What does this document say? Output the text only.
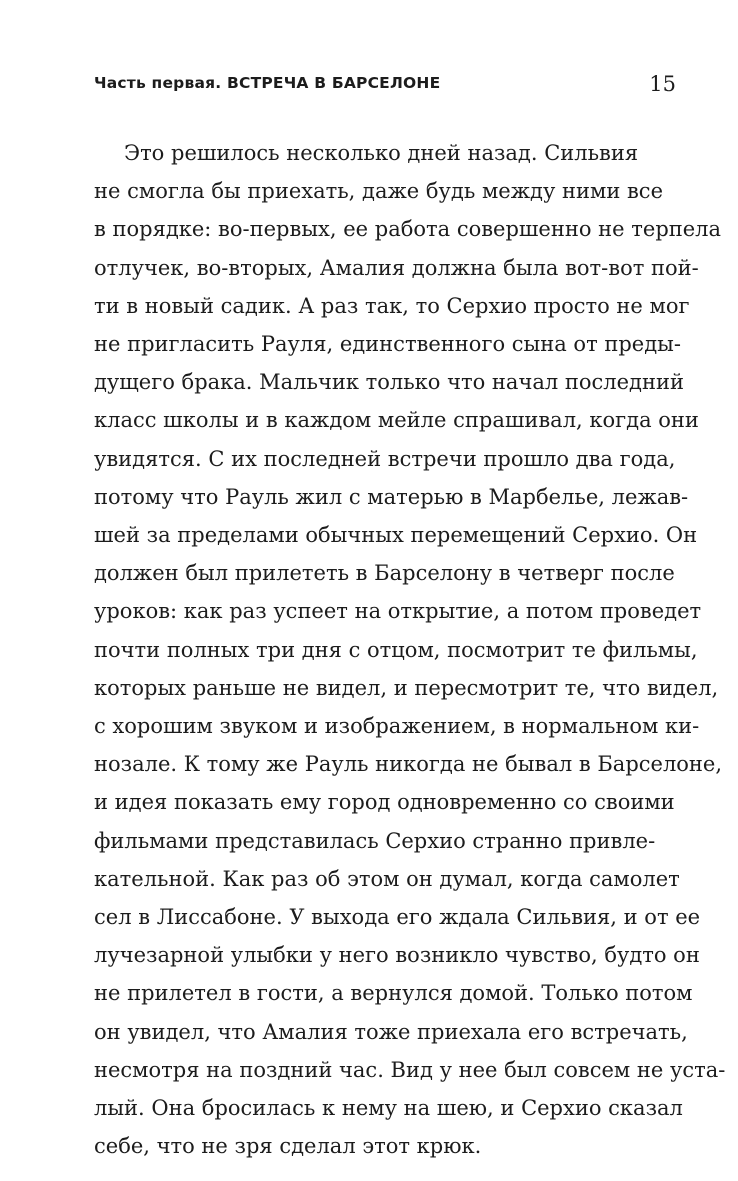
Часть первая. ВСТРЕЧА В БАРСЕЛОНЕ	15

Это решилось несколько дней назад. Сильвия
не смогла бы приехать, даже будь между ними все
в порядке: во-первых, ее работа совершенно не терпела
отлучек, во-вторых, Амалия должна была вот-вот пой-
ти в новый садик. А раз так, то Серхио просто не мог
не пригласить Рауля, единственного сына от преды-
дущего брака. Мальчик только что начал последний
класс школы и в каждом мейле спрашивал, когда они
увидятся. С их последней встречи прошло два года,
потому что Рауль жил с матерью в Марбелье, лежав-
шей за пределами обычных перемещений Серхио. Он
должен был прилететь в Барселону в четверг после
уроков: как раз успеет на открытие, а потом проведет
почти полных три дня с отцом, посмотрит те фильмы,
которых раньше не видел, и пересмотрит те, что видел,
с хорошим звуком и изображением, в нормальном ки-
нозале. К тому же Рауль никогда не бывал в Барселоне,
и идея показать ему город одновременно со своими
фильмами представилась Серхио странно привле-
кательной. Как раз об этом он думал, когда самолет
сел в Лиссабоне. У выхода его ждала Сильвия, и от ее
лучезарной улыбки у него возникло чувство, будто он
не прилетел в гости, а вернулся домой. Только потом
он увидел, что Амалия тоже приехала его встречать,
несмотря на поздний час. Вид у нее был совсем не уста-
лый. Она бросилась к нему на шею, и Серхио сказал
себе, что не зря сделал этот крюк.
